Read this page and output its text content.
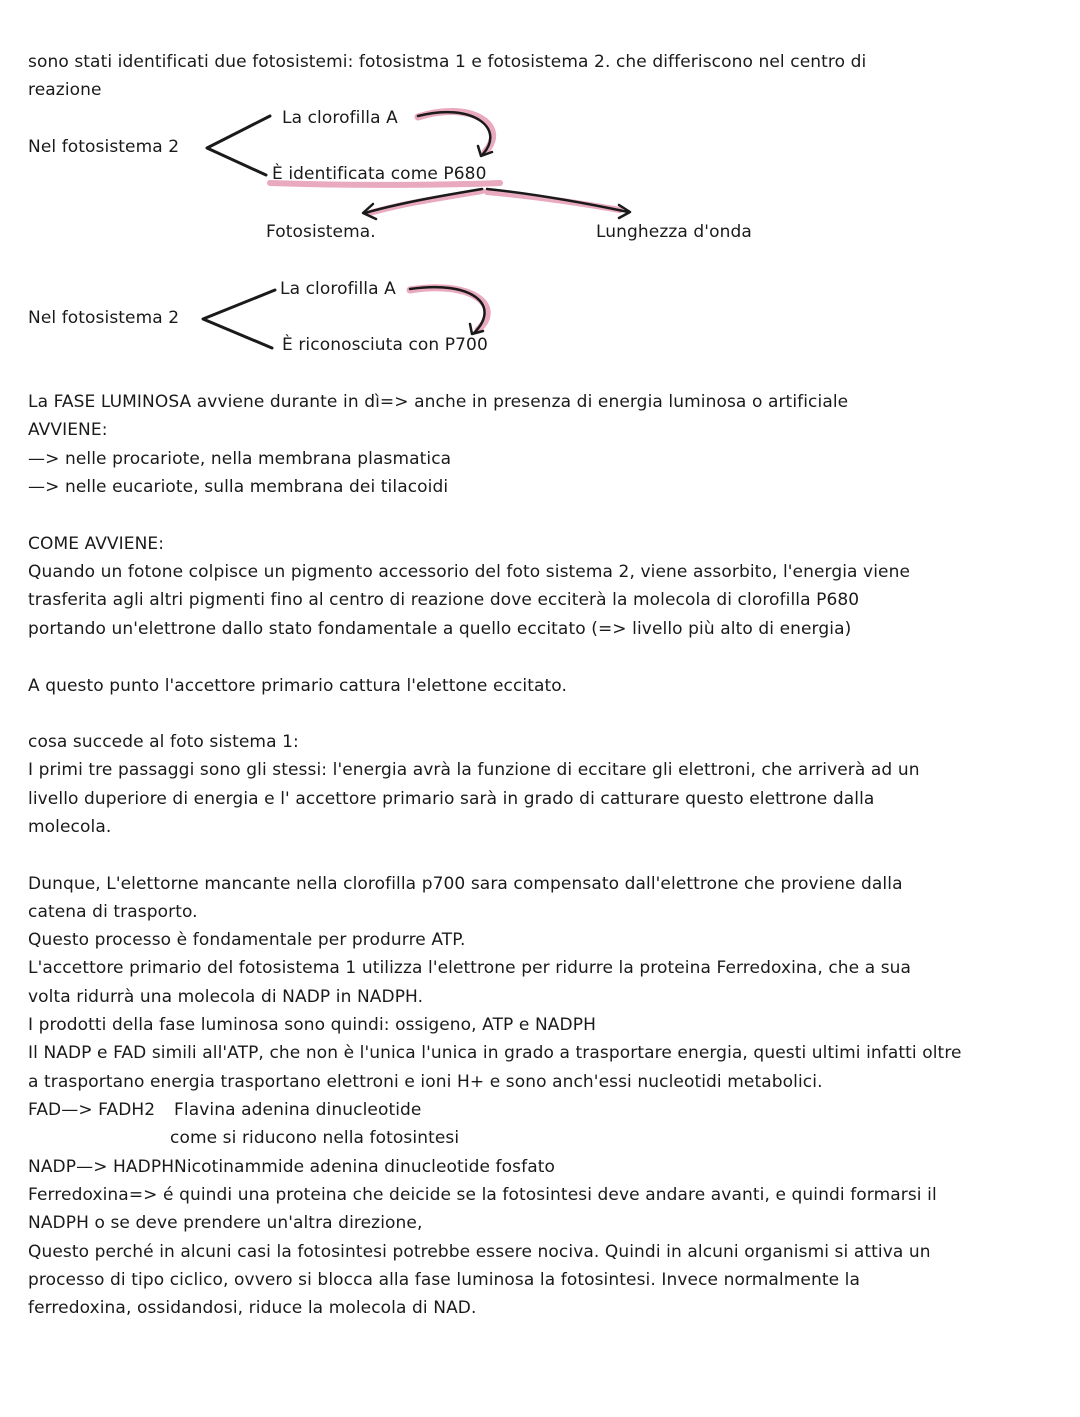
sono stati identificati due fotosistemi: fotosistma 1 e fotosistema 2. che differiscono nel centro di
reazione
Nel fotosistema 2
La clorofilla A
È identificata come P680
Fotosistema.	Lunghezza d'onda
Nel fotosistema 2
La clorofilla A
È riconosciuta con P700
La FASE LUMINOSA avviene durante in dì=> anche in presenza di energia luminosa o artificiale
AVVIENE:
—> nelle procariote, nella membrana plasmatica
—> nelle eucariote, sulla membrana dei tilacoidi
COME AVVIENE:
Quando un fotone colpisce un pigmento accessorio del foto sistema 2, viene assorbito, l'energia viene
trasferita agli altri pigmenti fino al centro di reazione dove ecciterà la molecola di clorofilla P680
portando un'elettrone dallo stato fondamentale a quello eccitato (=> livello più alto di energia)
A questo punto l'accettore primario cattura l'elettone eccitato.
cosa succede al foto sistema 1:
I primi tre passaggi sono gli stessi: l'energia avrà la funzione di eccitare gli elettroni, che arriverà ad un
livello duperiore di energia e l' accettore primario sarà in grado di catturare questo elettrone dalla
molecola.
Dunque, L'elettorne mancante nella clorofilla p700 sara compensato dall'elettrone che proviene dalla
catena di trasporto.
Questo processo è fondamentale per produrre ATP.
L'accettore primario del fotosistema 1 utilizza l'elettrone per ridurre la proteina Ferredoxina, che a sua
volta ridurrà una molecola di NADP in NADPH.
I prodotti della fase luminosa sono quindi: ossigeno, ATP e NADPH
Il NADP e FAD simili all'ATP, che non è l'unica l'unica in grado a trasportare energia, questi ultimi infatti oltre
a trasportano energia trasportano elettroni e ioni H+ e sono anch'essi nucleotidi metabolici.
FAD—> FADH2 Flavina adenina dinucleotide
come si riducono nella fotosintesi
NADP—> HADPH Nicotinammide adenina dinucleotide fosfato
Ferredoxina=> é quindi una proteina che deicide se la fotosintesi deve andare avanti, e quindi formarsi il
NADPH o se deve prendere un'altra direzione,
Questo perché in alcuni casi la fotosintesi potrebbe essere nociva. Quindi in alcuni organismi si attiva un
processo di tipo ciclico, ovvero si blocca alla fase luminosa la fotosintesi. Invece normalmente la
ferredoxina, ossidandosi, riduce la molecola di NAD.
